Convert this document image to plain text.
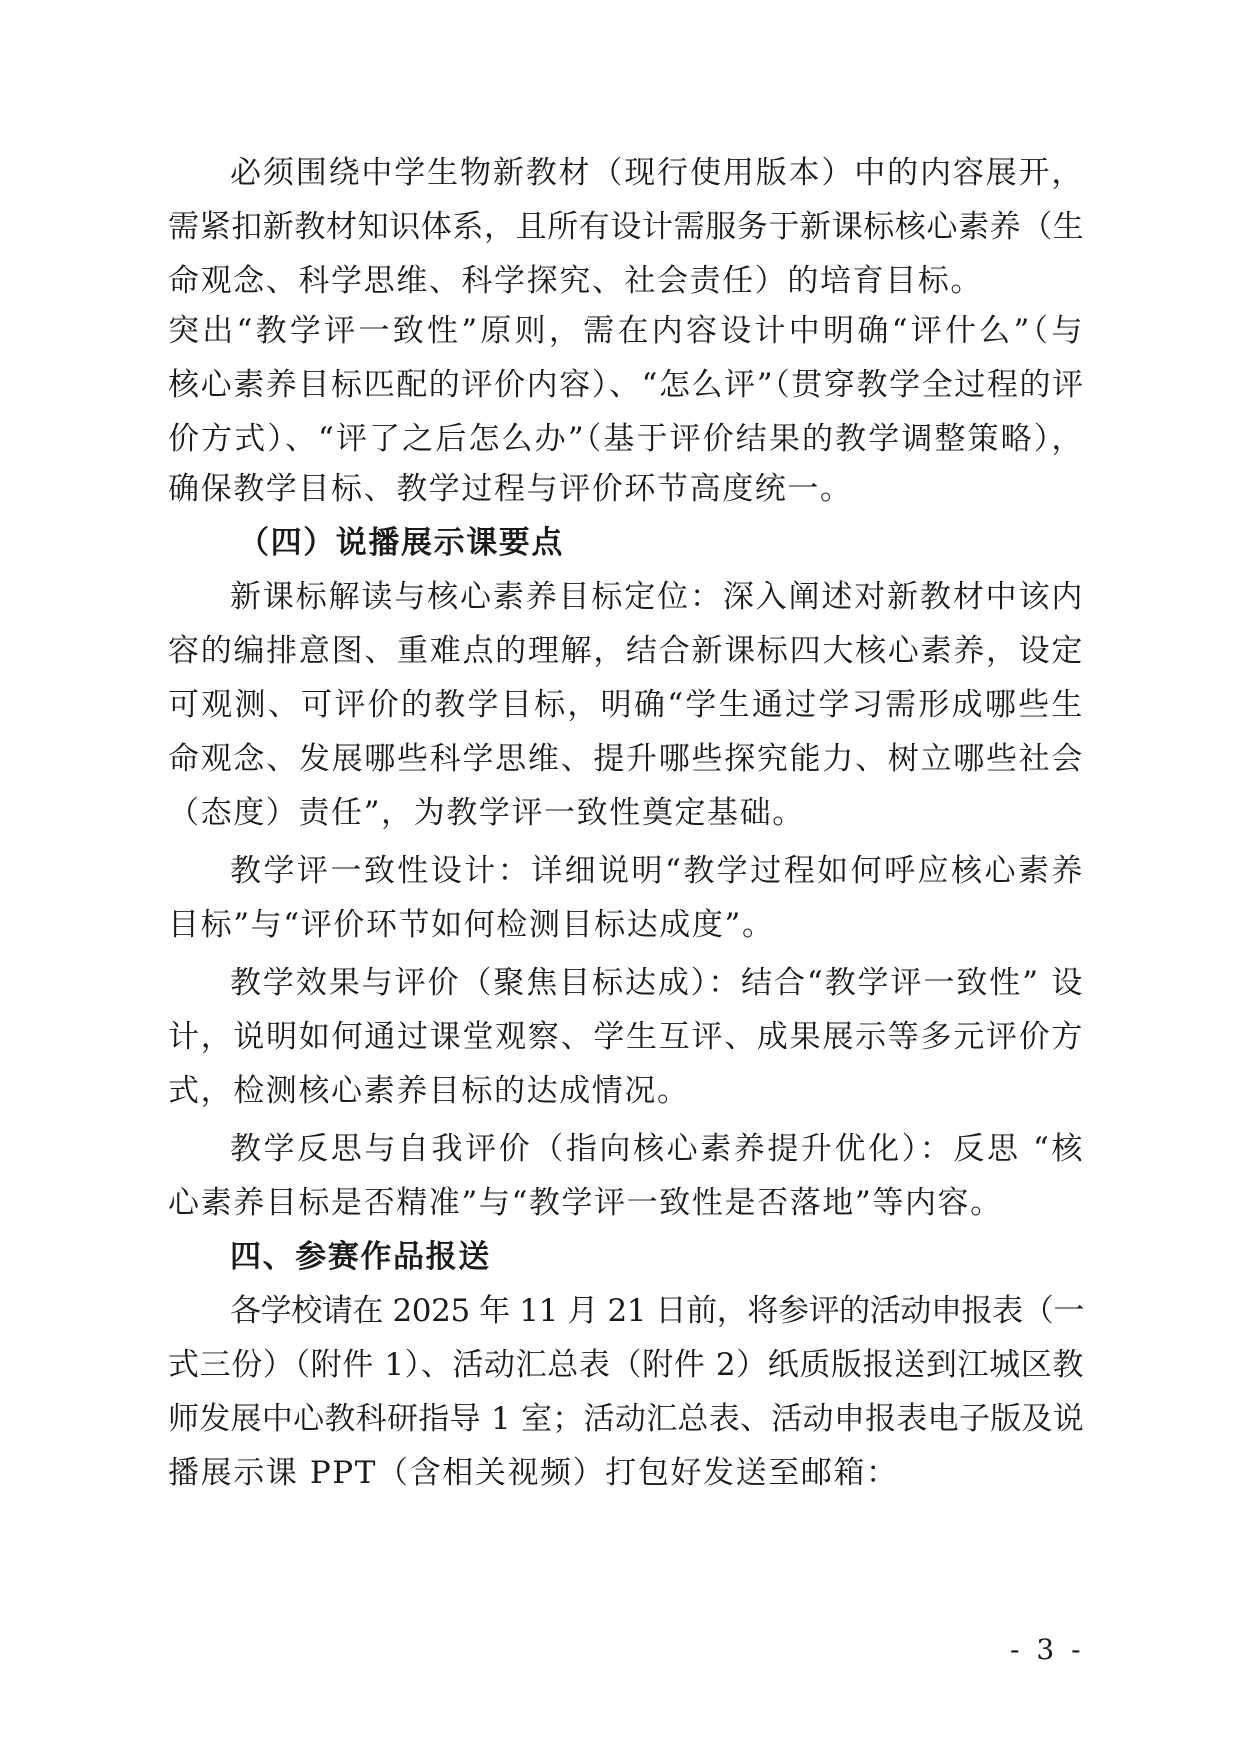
必须围绕中学生物新教材（现行使用版本）中的内容展开，
需紧扣新教材知识体系，且所有设计需服务于新课标核心素养（生
命观念、科学思维、科学探究、社会责任）的培育目标。
突出“教学评一致性”原则，需在内容设计中明确“评什么”（与
核心素养目标匹配的评价内容）、“怎么评”（贯穿教学全过程的评
价方式）、“评了之后怎么办”（基于评价结果的教学调整策略），
确保教学目标、教学过程与评价环节高度统一。
（四）说播展示课要点
新课标解读与核心素养目标定位：深入阐述对新教材中该内
容的编排意图、重难点的理解，结合新课标四大核心素养，设定
可观测、可评价的教学目标，明确“学生通过学习需形成哪些生
命观念、发展哪些科学思维、提升哪些探究能力、树立哪些社会
（态度）责任”，为教学评一致性奠定基础。
教学评一致性设计：详细说明“教学过程如何呼应核心素养
目标”与“评价环节如何检测目标达成度”。
教学效果与评价（聚焦目标达成）：结合“教学评一致性” 设
计，说明如何通过课堂观察、学生互评、成果展示等多元评价方
式，检测核心素养目标的达成情况。
教学反思与自我评价（指向核心素养提升优化）：反思 “核
心素养目标是否精准”与“教学评一致性是否落地”等内容。
四、参赛作品报送
各学校请在 2025 年 11 月 21 日前，将参评的活动申报表（一
式三份）（附件 1）、活动汇总表（附件 2）纸质版报送到江城区教
师发展中心教科研指导 1 室；活动汇总表、活动申报表电子版及说
播展示课 PPT（含相关视频）打包好发送至邮箱：
- 3 -
